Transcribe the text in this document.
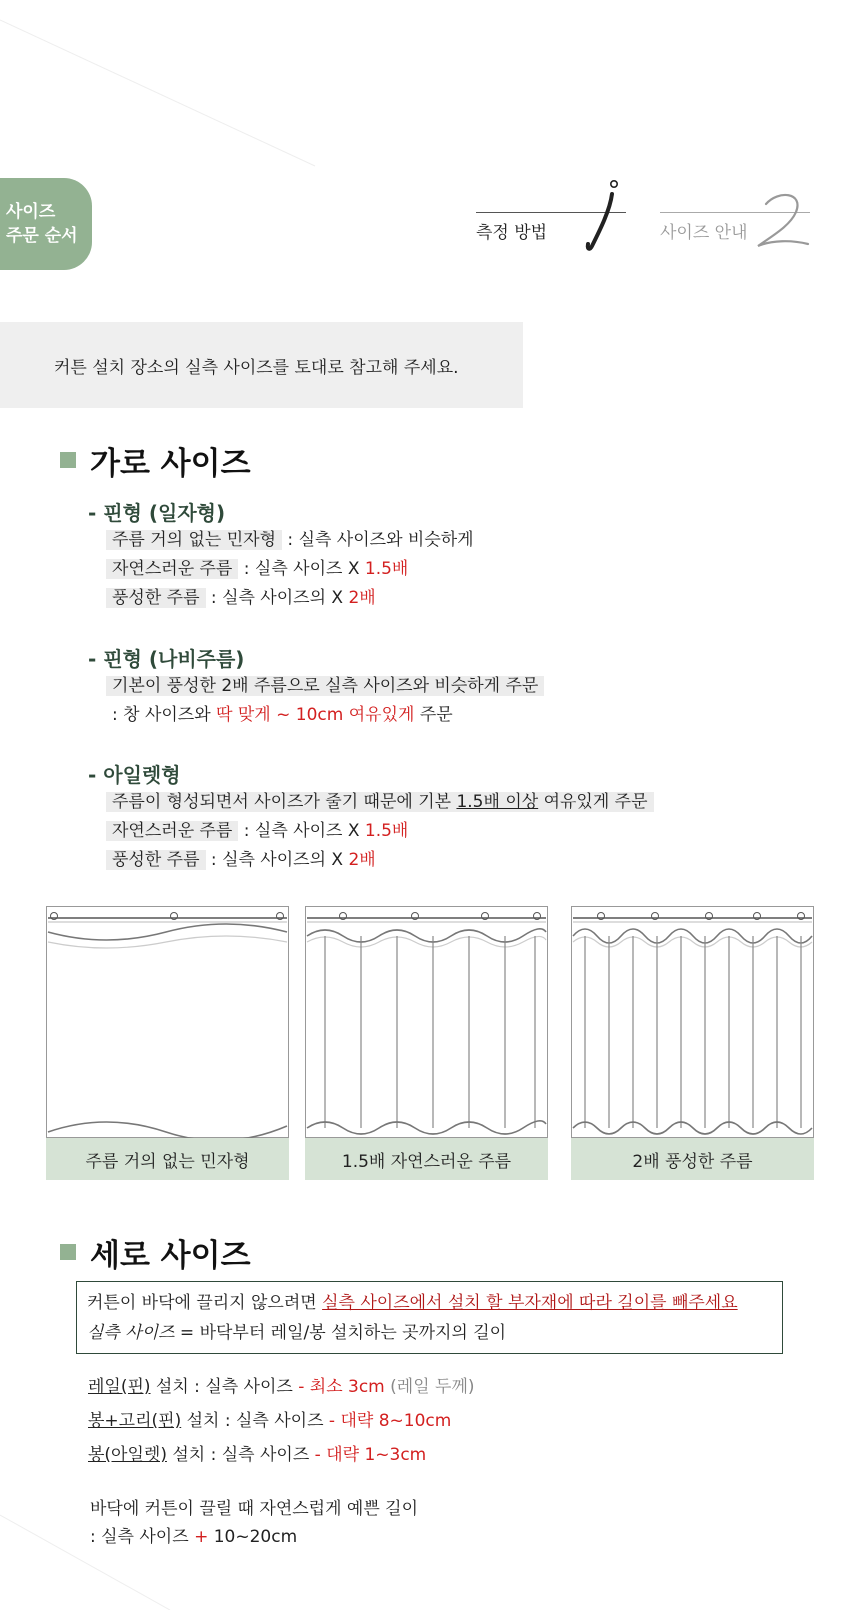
사이즈
주문 순서	측정 방법	사이즈 안내
커튼 설치 장소의 실측 사이즈를 토대로 참고해 주세요.
가로 사이즈
- 핀형 (일자형)
주름 거의 없는 민자형 : 실측 사이즈와 비슷하게
자연스러운 주름 : 실측 사이즈 X 1.5배
풍성한 주름 : 실측 사이즈의 X 2배
- 핀형 (나비주름)
기본이 풍성한 2배 주름으로 실측 사이즈와 비슷하게 주문
: 창 사이즈와 딱 맞게 ~ 10cm 여유있게 주문
- 아일렛형
주름이 형성되면서 사이즈가 줄기 때문에 기본 1.5배 이상 여유있게 주문
자연스러운 주름 : 실측 사이즈 X 1.5배
풍성한 주름 : 실측 사이즈의 X 2배
주름 거의 없는 민자형	1.5배 자연스러운 주름	2배 풍성한 주름
세로 사이즈
커튼이 바닥에 끌리지 않으려면 실측 사이즈에서 설치 할 부자재에 따라 길이를 빼주세요
실측 사이즈 = 바닥부터 레일/봉 설치하는 곳까지의 길이
레일(핀) 설치 : 실측 사이즈 - 최소 3cm (레일 두께)
봉+고리(핀) 설치 : 실측 사이즈 - 대략 8~10cm
봉(아일렛) 설치 : 실측 사이즈 - 대략 1~3cm
바닥에 커튼이 끌릴 때 자연스럽게 예쁜 길이
: 실측 사이즈 + 10~20cm
